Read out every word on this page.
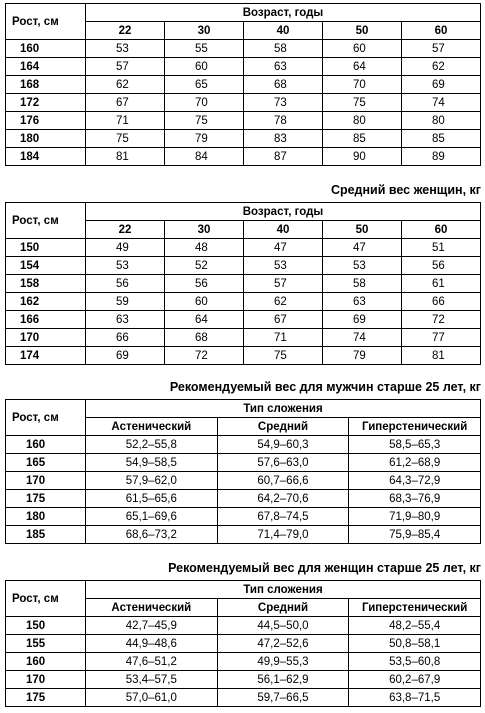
Рост, см	Возраст, годы				
	22	30	40	50	60
160	53	55	58	60	57
164	57	60	63	64	62
168	62	65	68	70	69
172	67	70	73	75	74
176	71	75	78	80	80
180	75	79	83	85	85
184	81	84	87	90	89
Средний вес женщин, кг
Рост, см	Возраст, годы				
	22	30	40	50	60
150	49	48	47	47	51
154	53	52	53	53	56
158	56	56	57	58	61
162	59	60	62	63	66
166	63	64	67	69	72
170	66	68	71	74	77
174	69	72	75	79	81
Рекомендуемый вес для мужчин старше 25 лет, кг
Рост, см	Тип сложения		
	Астенический	Средний	Гиперстенический
160	52,2–55,8	54,9–60,3	58,5–65,3
165	54,9–58,5	57,6–63,0	61,2–68,9
170	57,9–62,0	60,7–66,6	64,3–72,9
175	61,5–65,6	64,2–70,6	68,3–76,9
180	65,1–69,6	67,8–74,5	71,9–80,9
185	68,6–73,2	71,4–79,0	75,9–85,4
Рекомендуемый вес для женщин старше 25 лет, кг
Рост, см	Тип сложения		
	Астенический	Средний	Гиперстенический
150	42,7–45,9	44,5–50,0	48,2–55,4
155	44,9–48,6	47,2–52,6	50,8–58,1
160	47,6–51,2	49,9–55,3	53,5–60,8
170	53,4–57,5	56,1–62,9	60,2–67,9
175	57,0–61,0	59,7–66,5	63,8–71,5
